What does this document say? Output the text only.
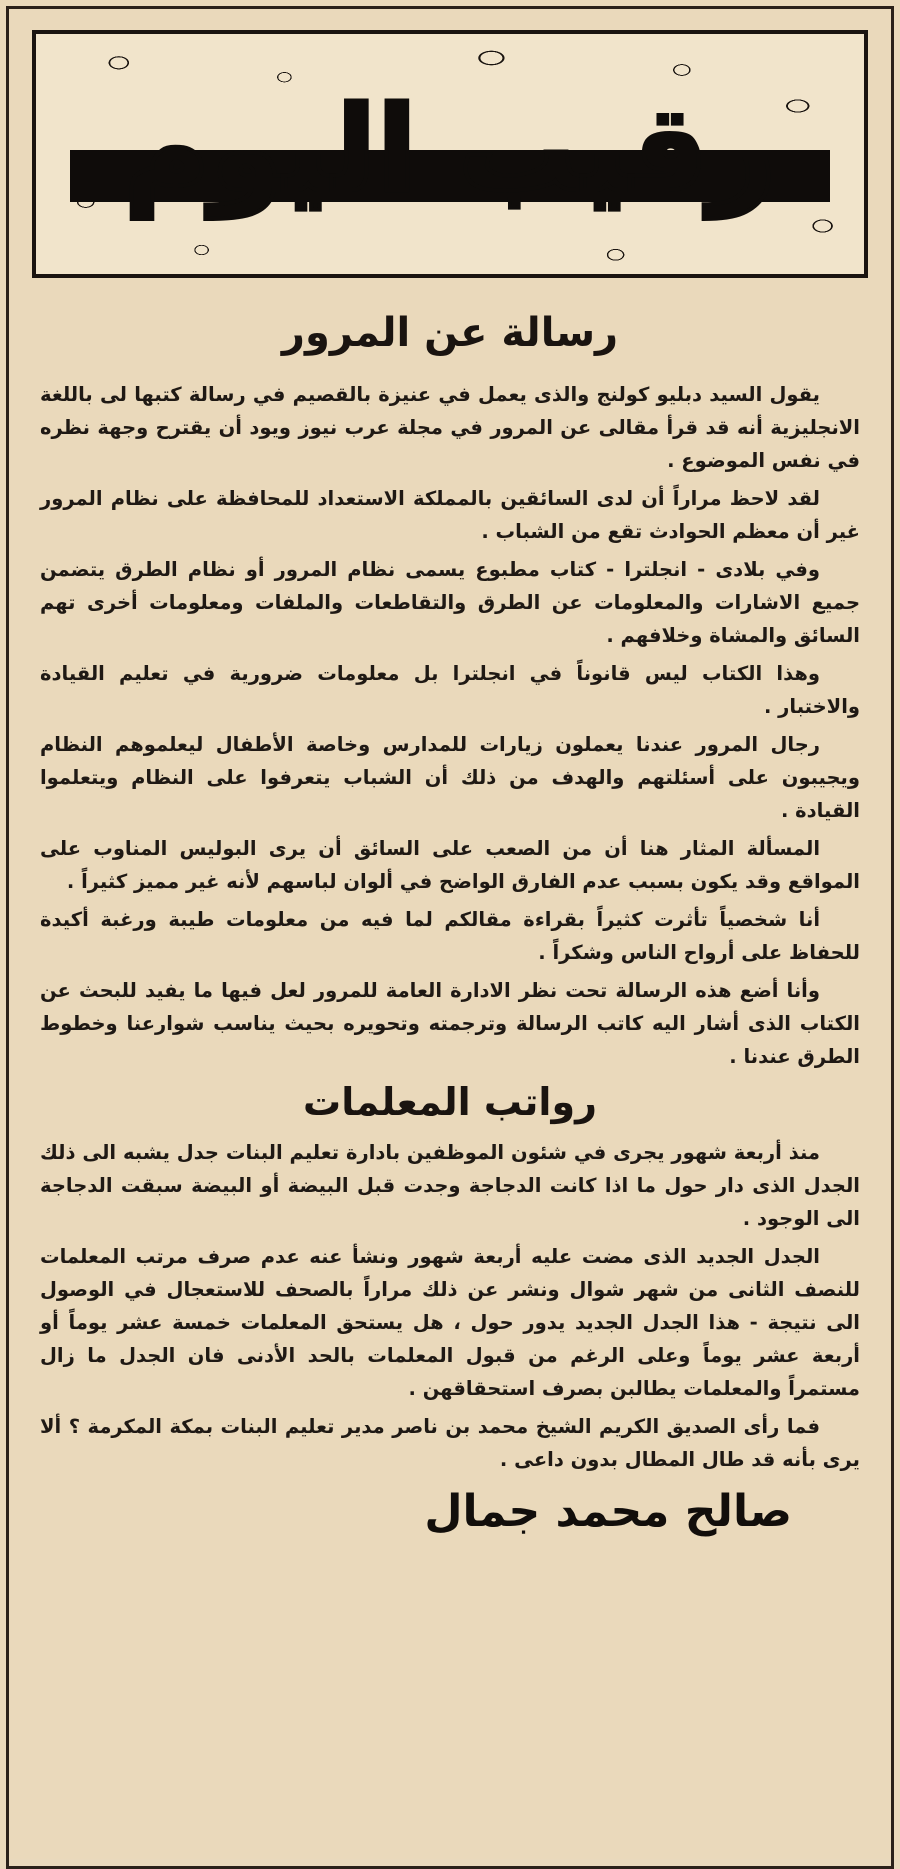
رقيب اليوم
رسالة عن المرور

يقول السيد دبليو كولنج والذى يعمل في عنيزة بالقصيم في رسالة كتبها لى باللغة الانجليزية أنه قد قرأ مقالى عن المرور في مجلة عرب نيوز ويود أن يقترح وجهة نظره في نفس الموضوع .

لقد لاحظ مراراً أن لدى السائقين بالمملكة الاستعداد للمحافظة على نظام المرور غير أن معظم الحوادث تقع من الشباب .

وفي بلادى - انجلترا - كتاب مطبوع يسمى نظام المرور أو نظام الطرق يتضمن جميع الاشارات والمعلومات عن الطرق والتقاطعات والملفات ومعلومات أخرى تهم السائق والمشاة وخلافهم .

وهذا الكتاب ليس قانوناً في انجلترا بل معلومات ضرورية في تعليم القيادة والاختبار .

رجال المرور عندنا يعملون زيارات للمدارس وخاصة الأطفال ليعلموهم النظام ويجيبون على أسئلتهم والهدف من ذلك أن الشباب يتعرفوا على النظام ويتعلموا القيادة .

المسألة المثار هنا أن من الصعب على السائق أن يرى البوليس المناوب على المواقع وقد يكون بسبب عدم الفارق الواضح في ألوان لباسهم لأنه غير مميز كثيراً .

أنا شخصياً تأثرت كثيراً بقراءة مقالكم لما فيه من معلومات طيبة ورغبة أكيدة للحفاظ على أرواح الناس وشكراً .

وأنا أضع هذه الرسالة تحت نظر الادارة العامة للمرور لعل فيها ما يفيد للبحث عن الكتاب الذى أشار اليه كاتب الرسالة وترجمته وتحويره بحيث يناسب شوارعنا وخطوط الطرق عندنا .

رواتب المعلمات

منذ أربعة شهور يجرى في شئون الموظفين بادارة تعليم البنات جدل يشبه الى ذلك الجدل الذى دار حول ما اذا كانت الدجاجة وجدت قبل البيضة أو البيضة سبقت الدجاجة الى الوجود .

الجدل الجديد الذى مضت عليه أربعة شهور ونشأ عنه عدم صرف مرتب المعلمات للنصف الثانى من شهر شوال ونشر عن ذلك مراراً بالصحف للاستعجال في الوصول الى نتيجة - هذا الجدل الجديد يدور حول ، هل يستحق المعلمات خمسة عشر يوماً أو أربعة عشر يوماً وعلى الرغم من قبول المعلمات بالحد الأدنى فان الجدل ما زال مستمراً والمعلمات يطالبن بصرف استحقاقهن .

فما رأى الصديق الكريم الشيخ محمد بن ناصر مدير تعليم البنات بمكة المكرمة ؟ ألا يرى بأنه قد طال المطال بدون داعى .

صالح محمد جمال
